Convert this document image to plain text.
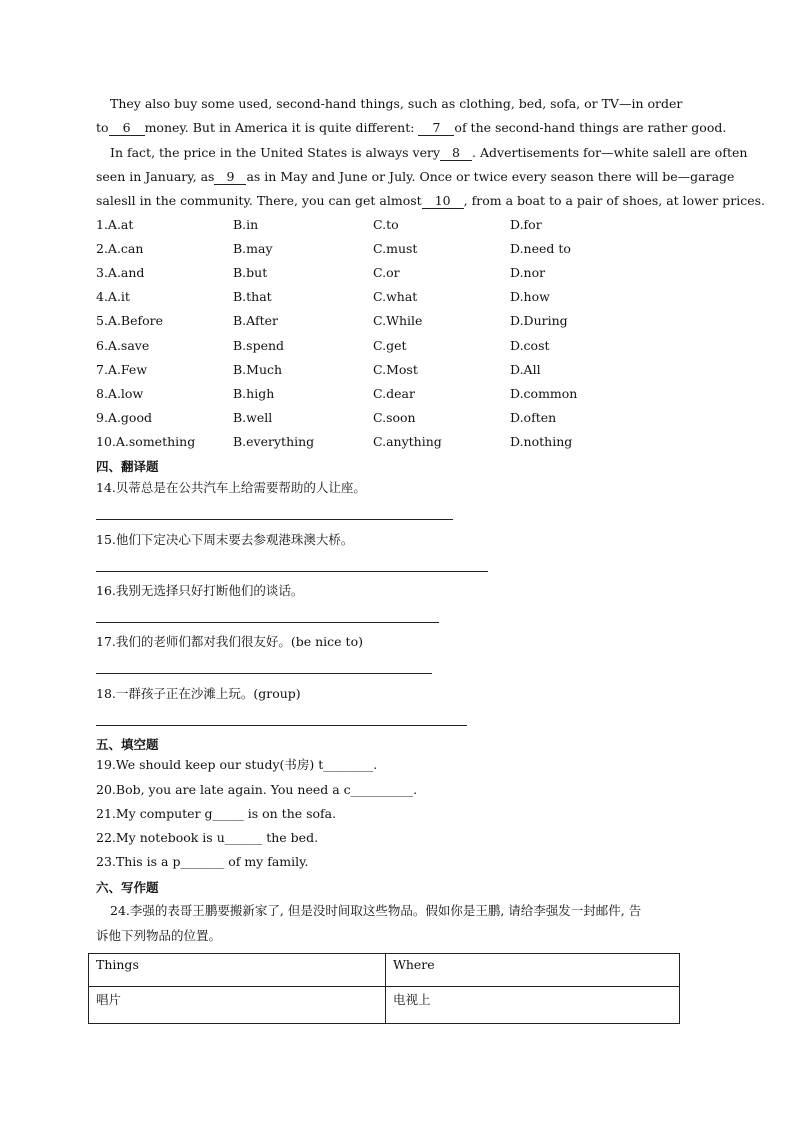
They also buy some used, second-hand things, such as clothing, bed, sofa, or TV—in order
to 6 money. But in America it is quite different: 7 of the second-hand things are rather good.
In fact, the price in the United States is always very 8 . Advertisements for—white salell are often
seen in January, as 9 as in May and June or July. Once or twice every season there will be—garage
salesll in the community. There, you can get almost 10 , from a boat to a pair of shoes, at lower prices.
1.A.at	B.in	C.to	D.for
2.A.can	B.may	C.must	D.need to
3.A.and	B.but	C.or	D.nor
4.A.it	B.that	C.what	D.how
5.A.Before	B.After	C.While	D.During
6.A.save	B.spend	C.get	D.cost
7.A.Few	B.Much	C.Most	D.All
8.A.low	B.high	C.dear	D.common
9.A.good	B.well	C.soon	D.often
10.A.something	B.everything	C.anything	D.nothing
四、翻译题
14.贝蒂总是在公共汽车上给需要帮助的人让座。
15.他们下定决心下周末要去参观港珠澳大桥。
16.我别无选择只好打断他们的谈话。
17.我们的老师们都对我们很友好。(be nice to)
18.一群孩子正在沙滩上玩。(group)
五、填空题
19.We should keep our study(书房) t________.
20.Bob, you are late again. You need a c__________.
21.My computer g_____ is on the sofa.
22.My notebook is u______ the bed.
23.This is a p_______ of my family.
六、写作题
24.李强的表哥王鹏要搬新家了, 但是没时间取这些物品。假如你是王鹏, 请给李强发一封邮件, 告
诉他下列物品的位置。
Things	Where
唱片	电视上
